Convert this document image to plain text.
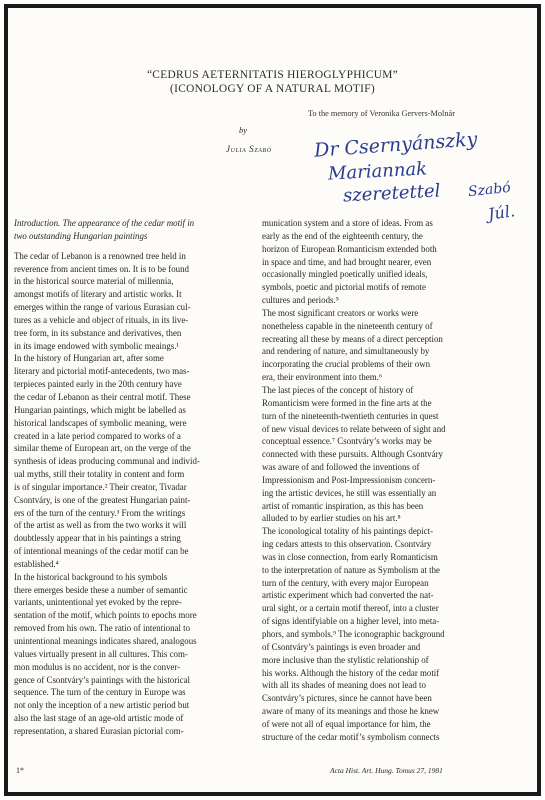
“CEDRUS AETERNITATIS HIEROGLYPHICUM”
(ICONOLOGY OF A NATURAL MOTIF)
To the memory of Veronika Gervers-Molnár
by
Julia Szabó Dr Csernyánszky
Mariannak
szeretettel Szabó
Júl.
Introduction. The appearance of the cedar motif in
two outstanding Hungarian paintings
The cedar of Lebanon is a renowned tree held in
reverence from ancient times on. It is to be found
in the historical source material of millennia,
amongst motifs of literary and artistic works. It
emerges within the range of various Eurasian cul-
tures as a vehicle and object of rituals, in its live-
tree form, in its substance and derivatives, then
in its image endowed with symbolic meaings.¹
In the history of Hungarian art, after some
literary and pictorial motif-antecedents, two mas-
terpieces painted early in the 20th century have
the cedar of Lebanon as their central motif. These
Hungarian paintings, which might be labelled as
historical landscapes of symbolic meaning, were
created in a late period compared to works of a
similar theme of European art, on the verge of the
synthesis of ideas producing communal and individ-
ual myths, still their totality in content and form
is of singular importance.² Their creator, Tivadar
Csontváry, is one of the greatest Hungarian paint-
ers of the turn of the century.³ From the writings
of the artist as well as from the two works it will
doubtlessly appear that in his paintings a string
of intentional meanings of the cedar motif can be
established.⁴
In the historical background to his symbols
there emerges beside these a number of semantic
variants, unintentional yet evoked by the repre-
sentation of the motif, which points to epochs more
removed from his own. The ratio of intentional to
unintentional meanings indicates shared, analogous
values virtually present in all cultures. This com-
mon modulus is no accident, nor is the conver-
gence of Csontváry’s paintings with the historical
sequence. The turn of the century in Europe was
not only the inception of a new artistic period but
also the last stage of an age-old artistic mode of
representation, a shared Eurasian pictorial com-
munication system and a store of ideas. From as
early as the end of the eighteenth century, the
horizon of European Romanticism extended both
in space and time, and had brought nearer, even
occasionally mingled poetically unified ideals,
symbols, poetic and pictorial motifs of remote
cultures and periods.⁵
The most significant creators or works were
nonetheless capable in the nineteenth century of
recreating all these by means of a direct perception
and rendering of nature, and simultaneously by
incorporating the crucial problems of their own
era, their environment into them.⁶
The last pieces of the concept of history of
Romanticism were formed in the fine arts at the
turn of the nineteenth-twentieth centuries in quest
of new visual devices to relate between of sight and
conceptual essence.⁷ Csontváry’s works may be
connected with these pursuits. Although Csontváry
was aware of and followed the inventions of
Impressionism and Post-Impressionism concern-
ing the artistic devices, he still was essentially an
artist of romantic inspiration, as this has been
alluded to by earlier studies on his art.⁸
The iconological totality of his paintings depict-
ing cedars attests to this observation. Csontváry
was in close connection, from early Romanticism
to the interpretation of nature as Symbolism at the
turn of the century, with every major European
artistic experiment which had converted the nat-
ural sight, or a certain motif thereof, into a cluster
of signs identifyiable on a higher level, into meta-
phors, and symbols.⁹ The iconographic background
of Csontváry’s paintings is even broader and
more inclusive than the stylistic relationship of
his works. Although the history of the cedar motif
with all its shades of meaning does not lead to
Csontváry’s pictures, since he cannot have been
aware of many of its meanings and those he knew
of were not all of equal importance for him, the
structure of the cedar motif’s symbolism connects
1*	Acta Hist. Art. Hung. Tomus 27, 1981
